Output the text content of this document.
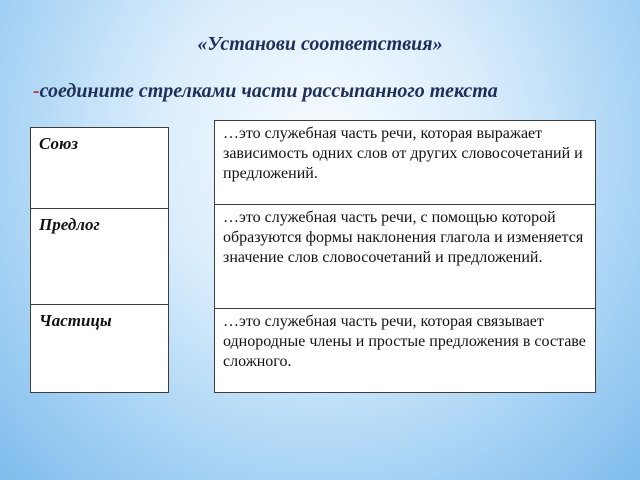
«Установи соответствия»
-соедините стрелками части рассыпанного текста
Союз
Предлог
Частицы
…это служебная часть речи, которая выражает зависимость одних слов от других словосочетаний и предложений.
…это служебная часть речи, с помощью которой образуются формы наклонения глагола и изменяется значение слов словосочетаний и предложений.
…это служебная часть речи, которая связывает однородные члены и простые предложения в составе сложного.
